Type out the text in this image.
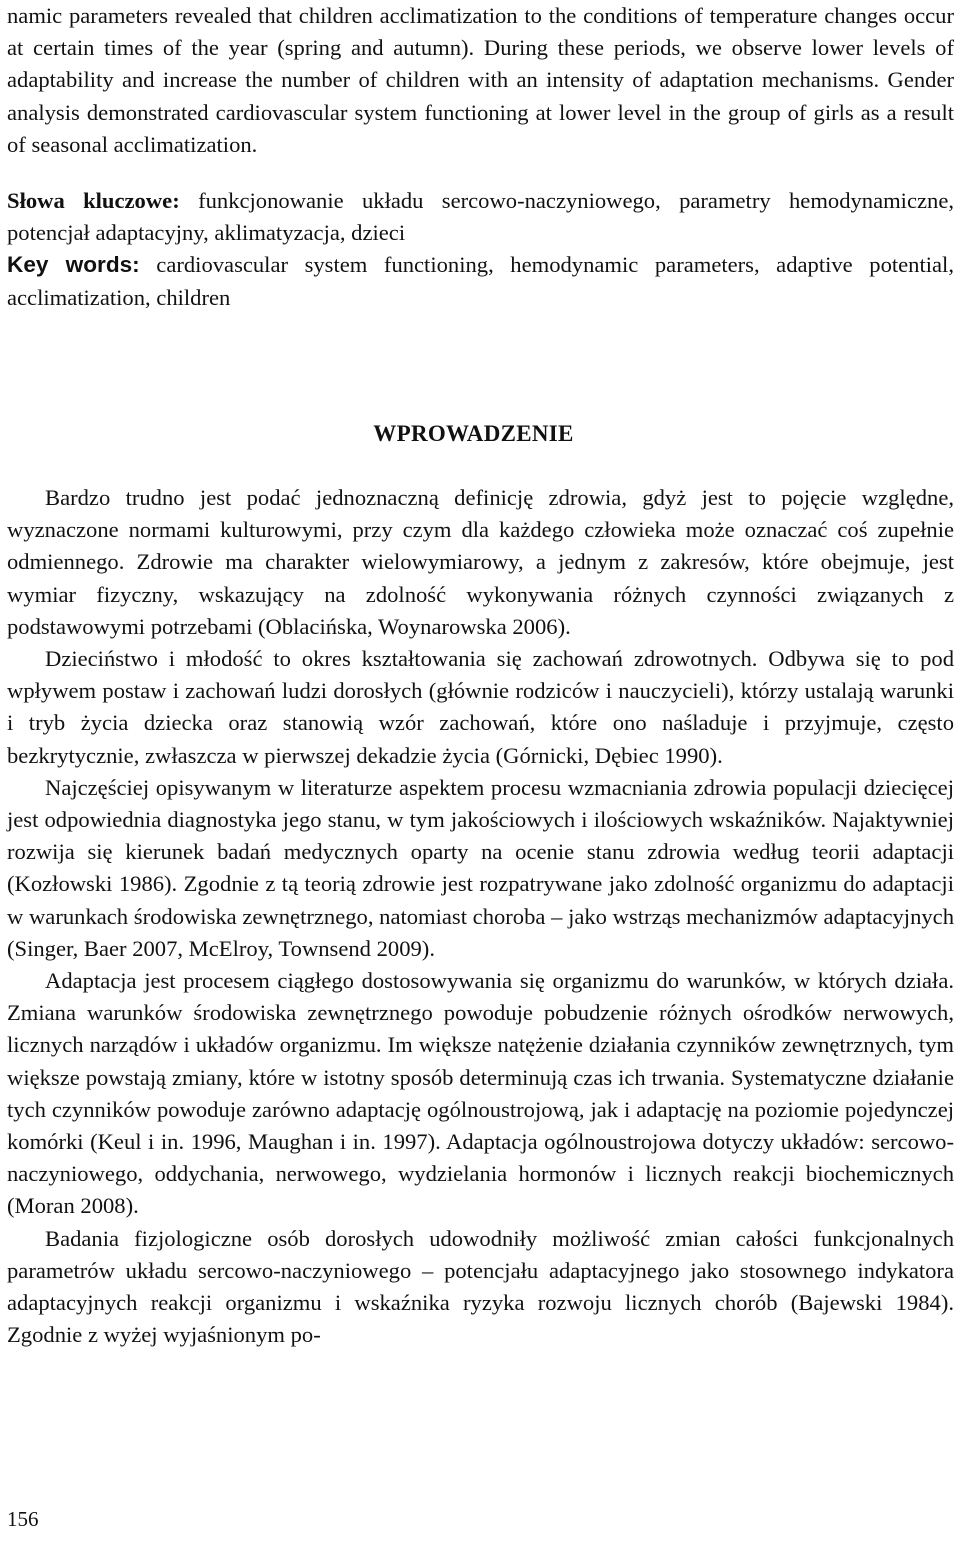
namic parameters revealed that children acclimatization to the conditions of temperature changes occur at certain times of the year (spring and autumn). During these periods, we observe lower levels of adaptability and increase the number of children with an intensity of adaptation mechanisms. Gender analysis demonstrated cardiovascular system functioning at lower level in the group of girls as a result of seasonal acclimatization.

Słowa kluczowe: funkcjonowanie układu sercowo-naczyniowego, parametry hemodynamiczne, potencjał adaptacyjny, aklimatyzacja, dzieci

Key words: cardiovascular system functioning, hemodynamic parameters, adaptive potential, acclimatization, children

WPROWADZENIE

Bardzo trudno jest podać jednoznaczną definicję zdrowia, gdyż jest to pojęcie względne, wyznaczone normami kulturowymi, przy czym dla każdego człowieka może oznaczać coś zupełnie odmiennego. Zdrowie ma charakter wielowymiarowy, a jednym z zakresów, które obejmuje, jest wymiar fizyczny, wskazujący na zdolność wykonywania różnych czynności związanych z podstawowymi potrzebami (Oblacińska, Woynarowska 2006).

Dzieciństwo i młodość to okres kształtowania się zachowań zdrowotnych. Odbywa się to pod wpływem postaw i zachowań ludzi dorosłych (głównie rodziców i nauczycieli), którzy ustalają warunki i tryb życia dziecka oraz stanowią wzór zachowań, które ono naśladuje i przyjmuje, często bezkrytycznie, zwłaszcza w pierwszej dekadzie życia (Górnicki, Dębiec 1990).

Najczęściej opisywanym w literaturze aspektem procesu wzmacniania zdrowia populacji dziecięcej jest odpowiednia diagnostyka jego stanu, w tym jakościowych i ilościowych wskaźników. Najaktywniej rozwija się kierunek badań medycznych oparty na ocenie stanu zdrowia według teorii adaptacji (Kozłowski 1986). Zgodnie z tą teorią zdrowie jest rozpatrywane jako zdolność organizmu do adaptacji w warunkach środowiska zewnętrznego, natomiast choroba – jako wstrząs mechanizmów adaptacyjnych (Singer, Baer 2007, McElroy, Townsend 2009).

Adaptacja jest procesem ciągłego dostosowywania się organizmu do warunków, w których działa. Zmiana warunków środowiska zewnętrznego powoduje pobudzenie różnych ośrodków nerwowych, licznych narządów i układów organizmu. Im większe natężenie działania czynników zewnętrznych, tym większe powstają zmiany, które w istotny sposób determinują czas ich trwania. Systematyczne działanie tych czynników powoduje zarówno adaptację ogólnoustrojową, jak i adaptację na poziomie pojedynczej komórki (Keul i in. 1996, Maughan i in. 1997). Adaptacja ogólnoustrojowa dotyczy układów: sercowo-naczyniowego, oddychania, nerwowego, wydzielania hormonów i licznych reakcji biochemicznych (Moran 2008).

Badania fizjologiczne osób dorosłych udowodniły możliwość zmian całości funkcjonalnych parametrów układu sercowo-naczyniowego – potencjału adaptacyjnego jako stosownego indykatora adaptacyjnych reakcji organizmu i wskaźnika ryzyka rozwoju licznych chorób (Bajewski 1984). Zgodnie z wyżej wyjaśnionym po-

156
